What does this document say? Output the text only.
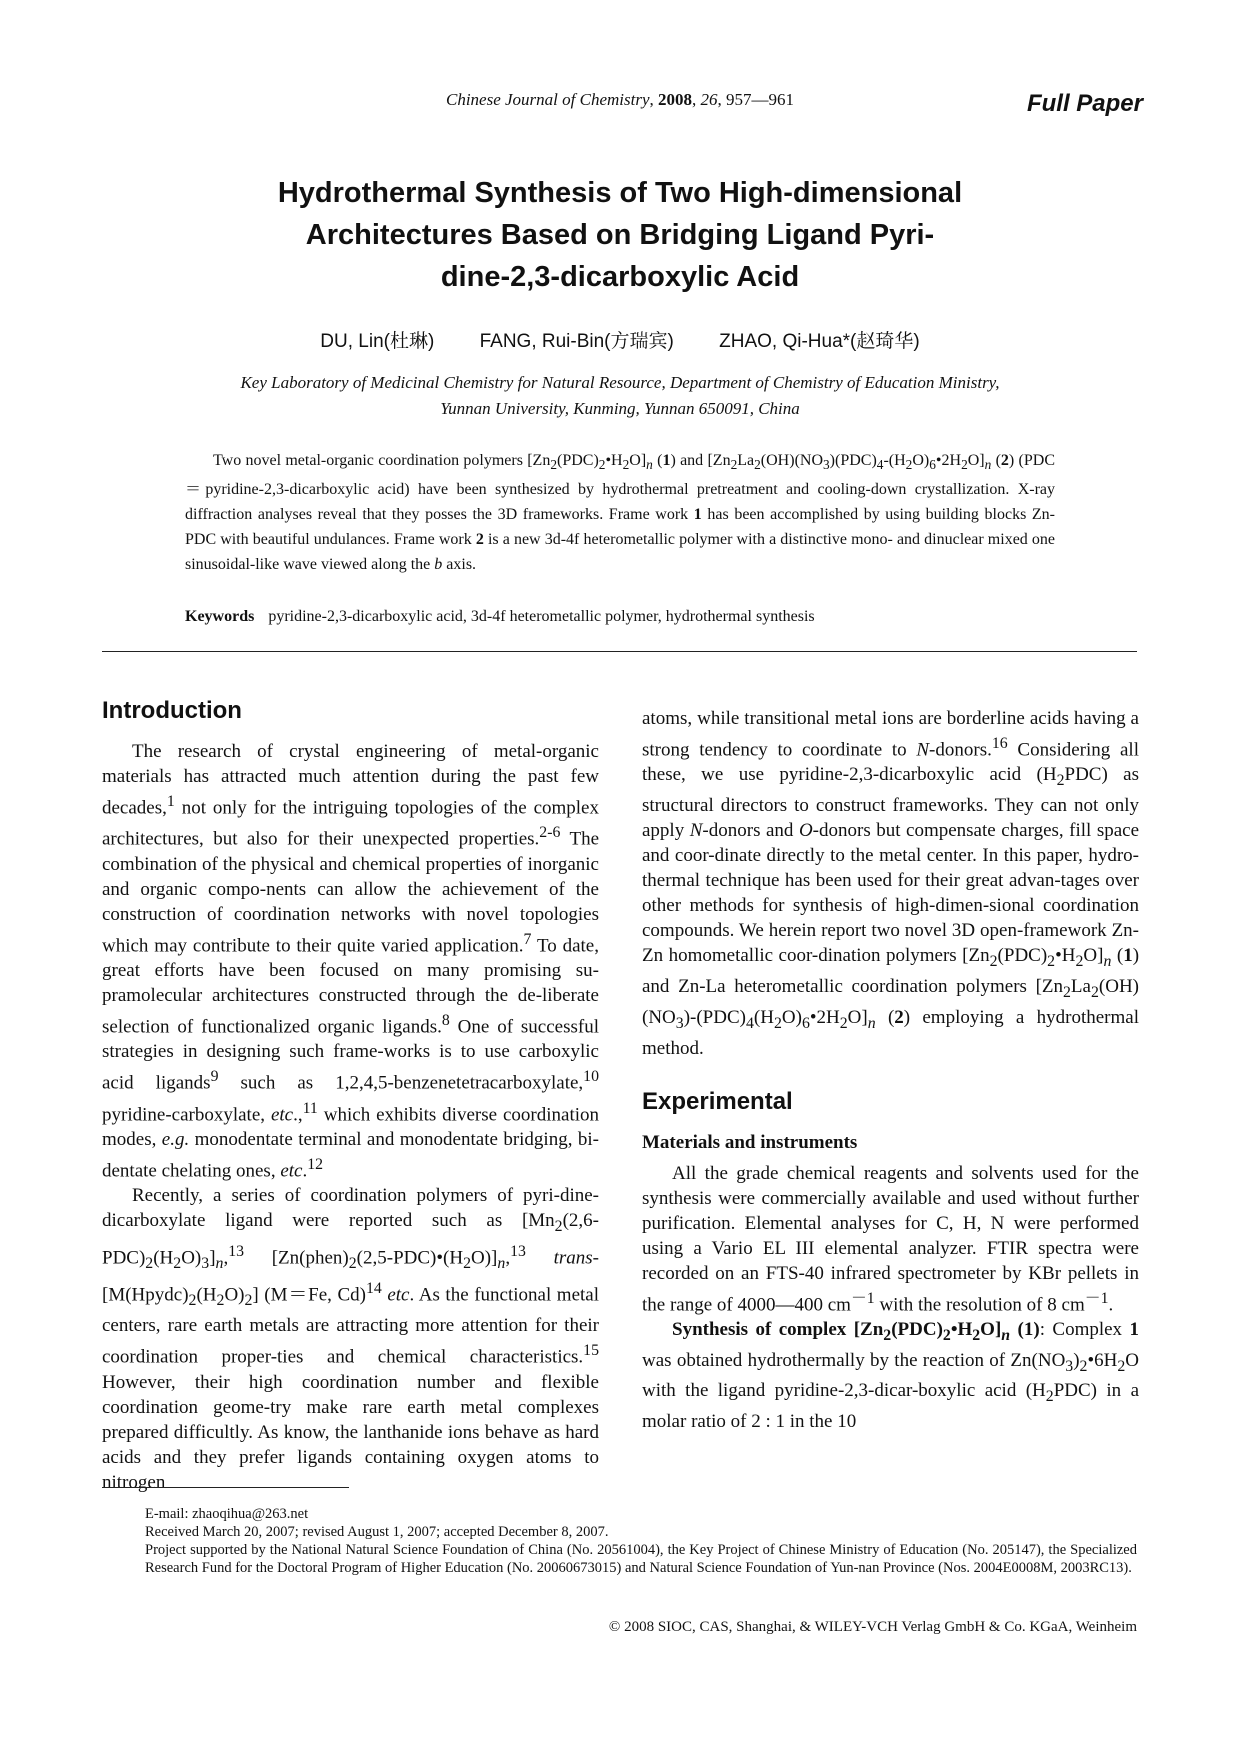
Chinese Journal of Chemistry, 2008, 26, 957—961	Full Paper
Hydrothermal Synthesis of Two High-dimensional
Architectures Based on Bridging Ligand Pyri-
dine-2,3-dicarboxylic Acid
DU, Lin(杜琳) FANG, Rui-Bin(方瑞宾) ZHAO, Qi-Hua*(赵琦华)
Key Laboratory of Medicinal Chemistry for Natural Resource, Department of Chemistry of Education Ministry,
Yunnan University, Kunming, Yunnan 650091, China

Two novel metal-organic coordination polymers $[Zn_2(PDC)_2•H_2O]_n$ (1) and $[Zn_2La_2(OH)(NO_3)(PDC)_4-(H_2O)_6•2H_2O]_n$ (2) (PDC＝pyridine-2,3-dicarboxylic acid) have been synthesized by hydrothermal pretreatment and cooling-down crystallization. X-ray diffraction analyses reveal that they posses the 3D frameworks. Frame work 1 has been accomplished by using building blocks Zn-PDC with beautiful undulances. Frame work 2 is a new 3d-4f heterometallic polymer with a distinctive mono- and dinuclear mixed one sinusoidal-like wave viewed along the b axis.

Keywords pyridine-2,3-dicarboxylic acid, 3d-4f heterometallic polymer, hydrothermal synthesis
Introduction

The research of crystal engineering of metal-organic materials has attracted much attention during the past few decades,$^1$ not only for the intriguing topologies of the complex architectures, but also for their unexpected properties.$^{2-6}$ The combination of the physical and chemical properties of inorganic and organic compo-nents can allow the achievement of the construction of coordination networks with novel topologies which may contribute to their quite varied application.$^7$ To date, great efforts have been focused on many promising su-pramolecular architectures constructed through the de-liberate selection of functionalized organic ligands.$^8$ One of successful strategies in designing such frame-works is to use carboxylic acid ligands$^9$ such as 1,2,4,5-benzenetetracarboxylate,$^{10}$ pyridine-carboxylate, etc.,$^{11}$ which exhibits diverse coordination modes, e.g. monodentate terminal and monodentate bridging, bi-dentate chelating ones, etc.$^{12}$

Recently, a series of coordination polymers of pyri-dine-dicarboxylate ligand were reported such as $[Mn_2(2,6-PDC)_2(H_2O)_3]_n,^{13}$ $[Zn(phen)_2(2,5-PDC)•(H_2O)]_n,^{13}$ trans-$[M(Hpydc)_2(H_2O)_2]$ (M＝Fe, Cd)$^{14}$ etc. As the functional metal centers, rare earth metals are attracting more attention for their coordination proper-ties and chemical characteristics.$^{15}$ However, their high coordination number and flexible coordination geome-try make rare earth metal complexes prepared difficultly. As know, the lanthanide ions behave as hard acids and they prefer ligands containing oxygen atoms to nitrogen

atoms, while transitional metal ions are borderline acids having a strong tendency to coordinate to N-donors.$^{16}$ Considering all these, we use pyridine-2,3-dicarboxylic acid $(H_2PDC)$ as structural directors to construct frameworks. They can not only apply N-donors and O-donors but compensate charges, fill space and coor-dinate directly to the metal center. In this paper, hydro-thermal technique has been used for their great advan-tages over other methods for synthesis of high-dimen-sional coordination compounds. We herein report two novel 3D open-framework Zn-Zn homometallic coor-dination polymers $[Zn_2(PDC)_2•H_2O]_n$ (1) and Zn-La heterometallic coordination polymers $[Zn_2La_2(OH)(NO_3)-(PDC)_4(H_2O)_6•2H_2O]_n$ (2) employing a hydrothermal method.

Experimental
Materials and instruments

All the grade chemical reagents and solvents used for the synthesis were commercially available and used without further purification. Elemental analyses for C, H, N were performed using a Vario EL III elemental analyzer. FTIR spectra were recorded on an FTS-40 infrared spectrometer by KBr pellets in the range of 4000—400 $cm^{-1}$ with the resolution of 8 $cm^{-1}$.

Synthesis of complex $[Zn_2(PDC)_2•H_2O]_n$ (1): Complex 1 was obtained hydrothermally by the reaction of $Zn(NO_3)_2•6H_2O$ with the ligand pyridine-2,3-dicar-boxylic acid $(H_2PDC)$ in a molar ratio of 2 : 1 in the 10

E-mail: zhaoqihua@263.net
Received March 20, 2007; revised August 1, 2007; accepted December 8, 2007.
Project supported by the National Natural Science Foundation of China (No. 20561004), the Key Project of Chinese Ministry of Education (No. 205147), the Specialized Research Fund for the Doctoral Program of Higher Education (No. 20060673015) and Natural Science Foundation of Yun-nan Province (Nos. 2004E0008M, 2003RC13).
© 2008 SIOC, CAS, Shanghai, & WILEY-VCH Verlag GmbH & Co. KGaA, Weinheim
